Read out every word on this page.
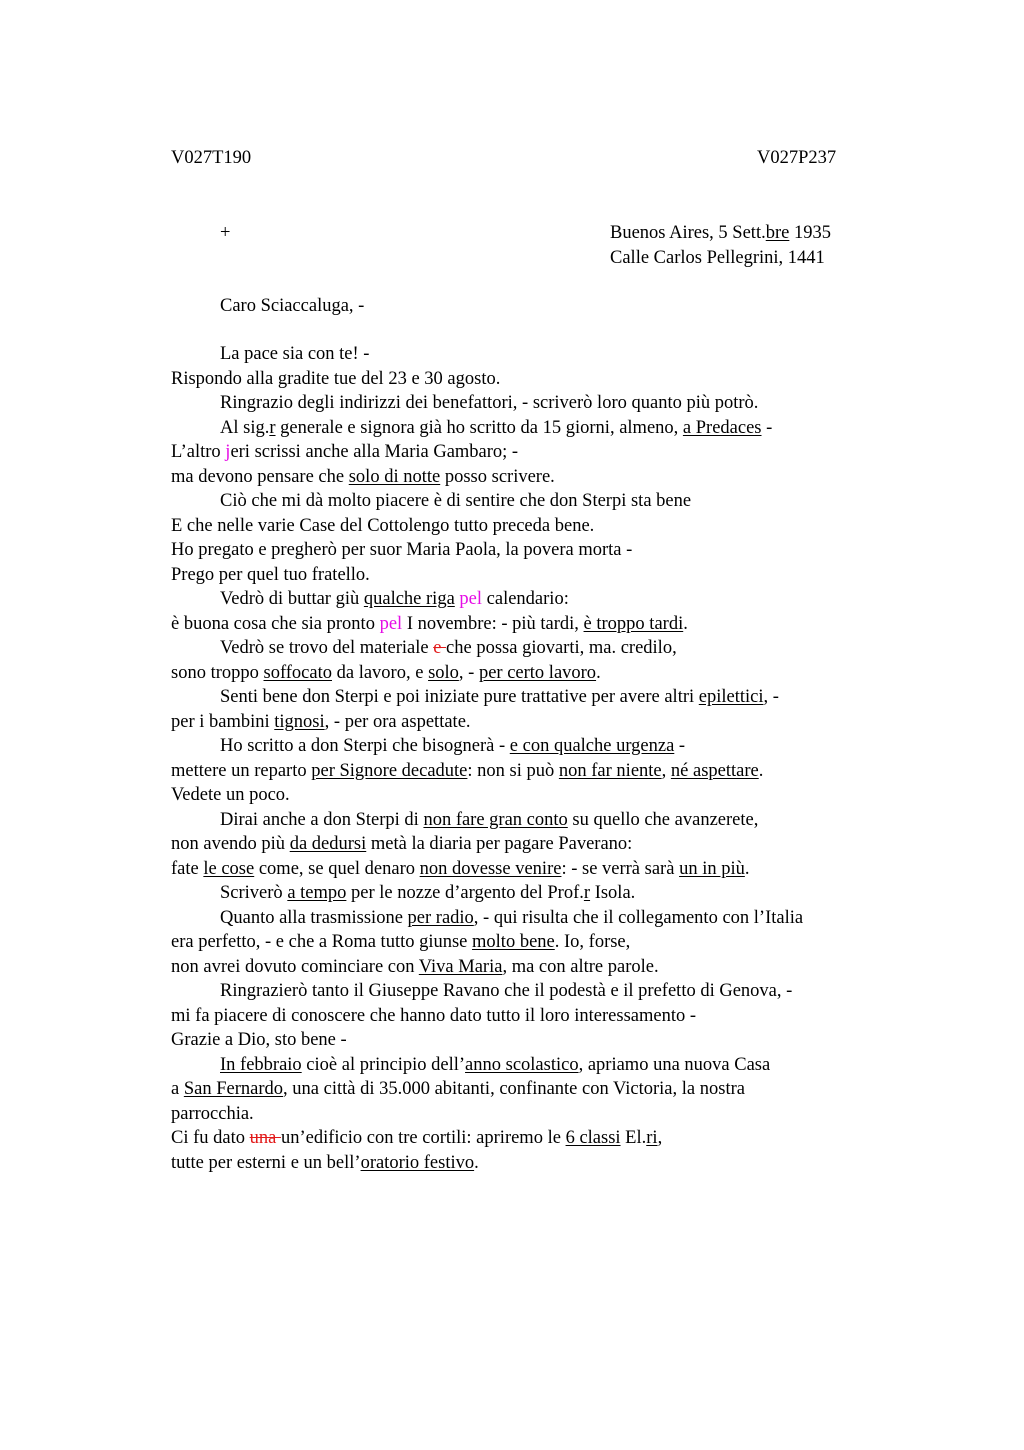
V027T190	V027P237
+	Buenos Aires, 5 Sett.bre 1935
Calle Carlos Pellegrini, 1441
Caro Sciaccaluga, -
La pace sia con te! -
Rispondo alla gradite tue del 23 e 30 agosto.
Ringrazio degli indirizzi dei benefattori, - scriverò loro quanto più potrò.
Al sig.r generale e signora già ho scritto da 15 giorni, almeno, a Predaces -
L’altro jeri scrissi anche alla Maria Gambaro; -
ma devono pensare che solo di notte posso scrivere.
Ciò che mi dà molto piacere è di sentire che don Sterpi sta bene
E che nelle varie Case del Cottolengo tutto preceda bene.
Ho pregato e pregherò per suor Maria Paola, la povera morta -
Prego per quel tuo fratello.
Vedrò di buttar giù qualche riga pel calendario:
è buona cosa che sia pronto pel I novembre: - più tardi, è troppo tardi.
Vedrò se trovo del materiale e che possa giovarti, ma. credilo,
sono troppo soffocato da lavoro, e solo, - per certo lavoro.
Senti bene don Sterpi e poi iniziate pure trattative per avere altri epilettici, -
per i bambini tignosi, - per ora aspettate.
Ho scritto a don Sterpi che bisognerà - e con qualche urgenza -
mettere un reparto per Signore decadute: non si può non far niente, né aspettare.
Vedete un poco.
Dirai anche a don Sterpi di non fare gran conto su quello che avanzerete,
non avendo più da dedursi metà la diaria per pagare Paverano:
fate le cose come, se quel denaro non dovesse venire: - se verrà sarà un in più.
Scriverò a tempo per le nozze d’argento del Prof.r Isola.
Quanto alla trasmissione per radio, - qui risulta che il collegamento con l’Italia
era perfetto, - e che a Roma tutto giunse molto bene. Io, forse,
non avrei dovuto cominciare con Viva Maria, ma con altre parole.
Ringrazierò tanto il Giuseppe Ravano che il podestà e il prefetto di Genova, -
mi fa piacere di conoscere che hanno dato tutto il loro interessamento -
Grazie a Dio, sto bene -
In febbraio cioè al principio dell’anno scolastico, apriamo una nuova Casa
a San Fernardo, una città di 35.000 abitanti, confinante con Victoria, la nostra
parrocchia.
Ci fu dato una un’edificio con tre cortili: apriremo le 6 classi El.ri,
tutte per esterni e un bell’oratorio festivo.
